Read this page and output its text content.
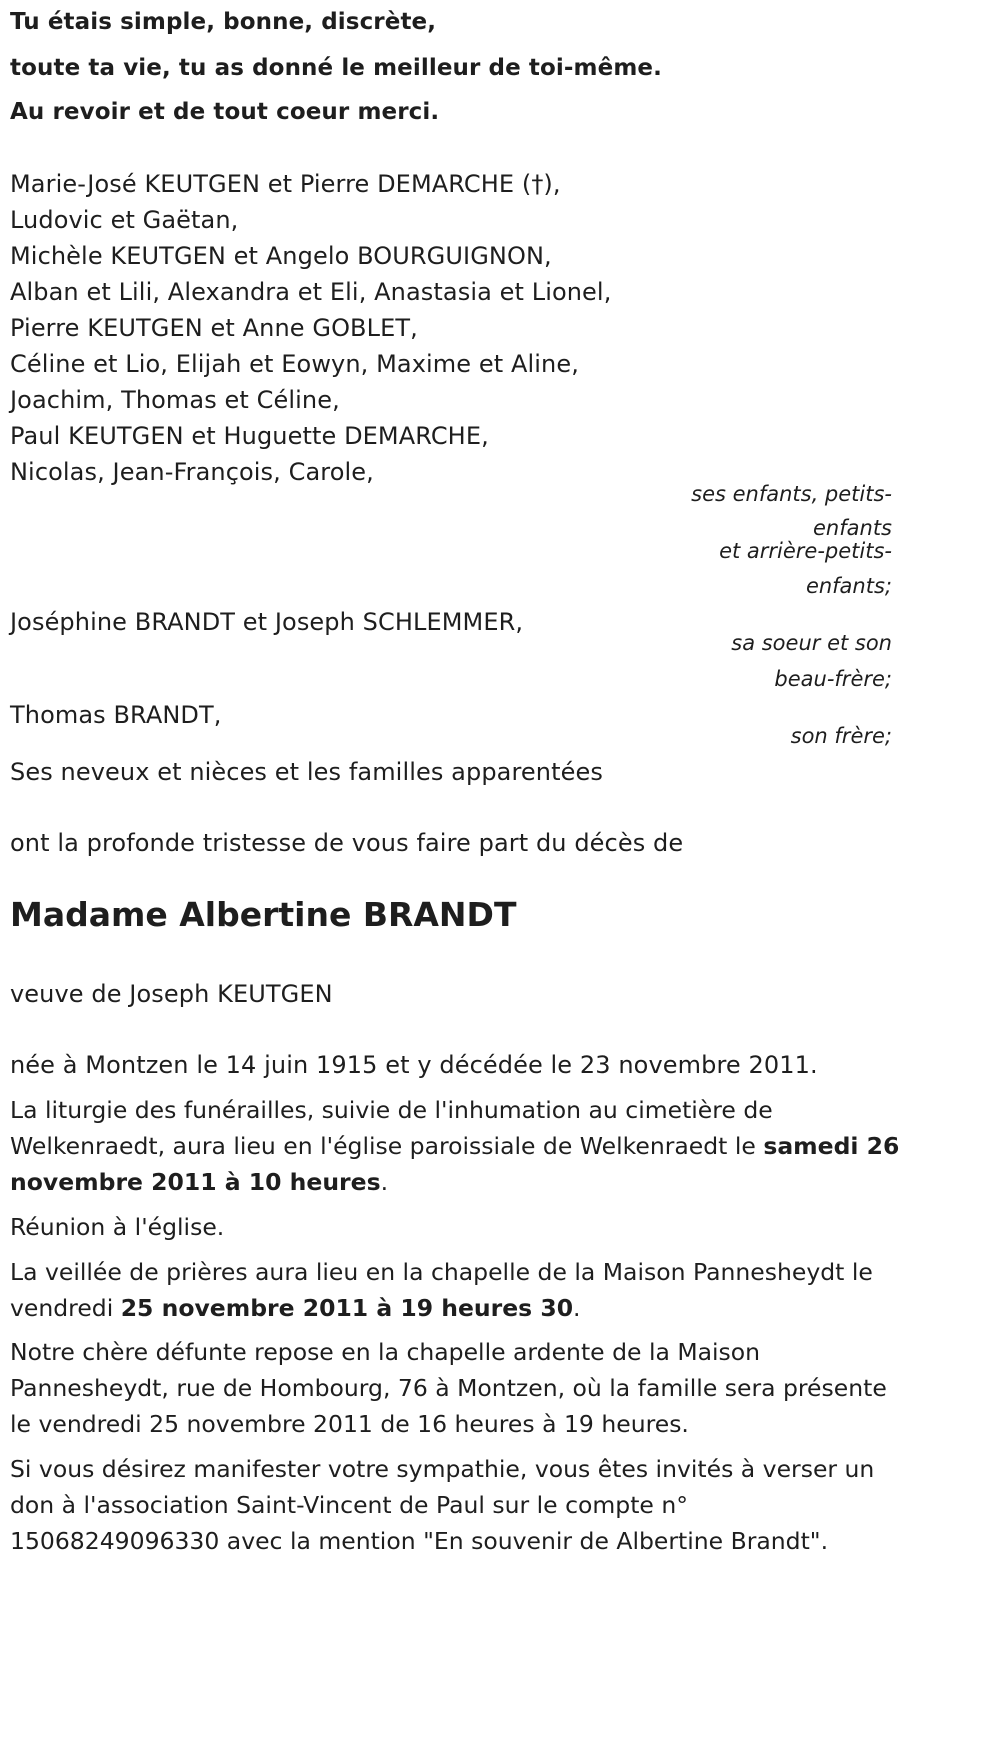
Tu étais simple, bonne, discrète,
toute ta vie, tu as donné le meilleur de toi-même.
Au revoir et de tout coeur merci.
Marie-José KEUTGEN et Pierre DEMARCHE (†),
Ludovic et Gaëtan,
Michèle KEUTGEN et Angelo BOURGUIGNON,
Alban et Lili, Alexandra et Eli, Anastasia et Lionel,
Pierre KEUTGEN et Anne GOBLET,
Céline et Lio, Elijah et Eowyn, Maxime et Aline,
Joachim, Thomas et Céline,
Paul KEUTGEN et Huguette DEMARCHE,
Nicolas, Jean-François, Carole,
ses enfants, petits-
enfants
et arrière-petits-
enfants;
Joséphine BRANDT et Joseph SCHLEMMER,
sa soeur et son
beau-frère;
Thomas BRANDT,
son frère;
Ses neveux et nièces et les familles apparentées
ont la profonde tristesse de vous faire part du décès de
Madame Albertine BRANDT
veuve de Joseph KEUTGEN
née à Montzen le 14 juin 1915 et y décédée le 23 novembre 2011.
La liturgie des funérailles, suivie de l'inhumation au cimetière de Welkenraedt, aura lieu en l'église paroissiale de Welkenraedt le samedi 26 novembre 2011 à 10 heures.
Réunion à l'église.
La veillée de prières aura lieu en la chapelle de la Maison Pannesheydt le vendredi 25 novembre 2011 à 19 heures 30.
Notre chère défunte repose en la chapelle ardente de la Maison Pannesheydt, rue de Hombourg, 76 à Montzen, où la famille sera présente le vendredi 25 novembre 2011 de 16 heures à 19 heures.
Si vous désirez manifester votre sympathie, vous êtes invités à verser un don à l'association Saint-Vincent de Paul sur le compte n° 15068249096330 avec la mention "En souvenir de Albertine Brandt".
